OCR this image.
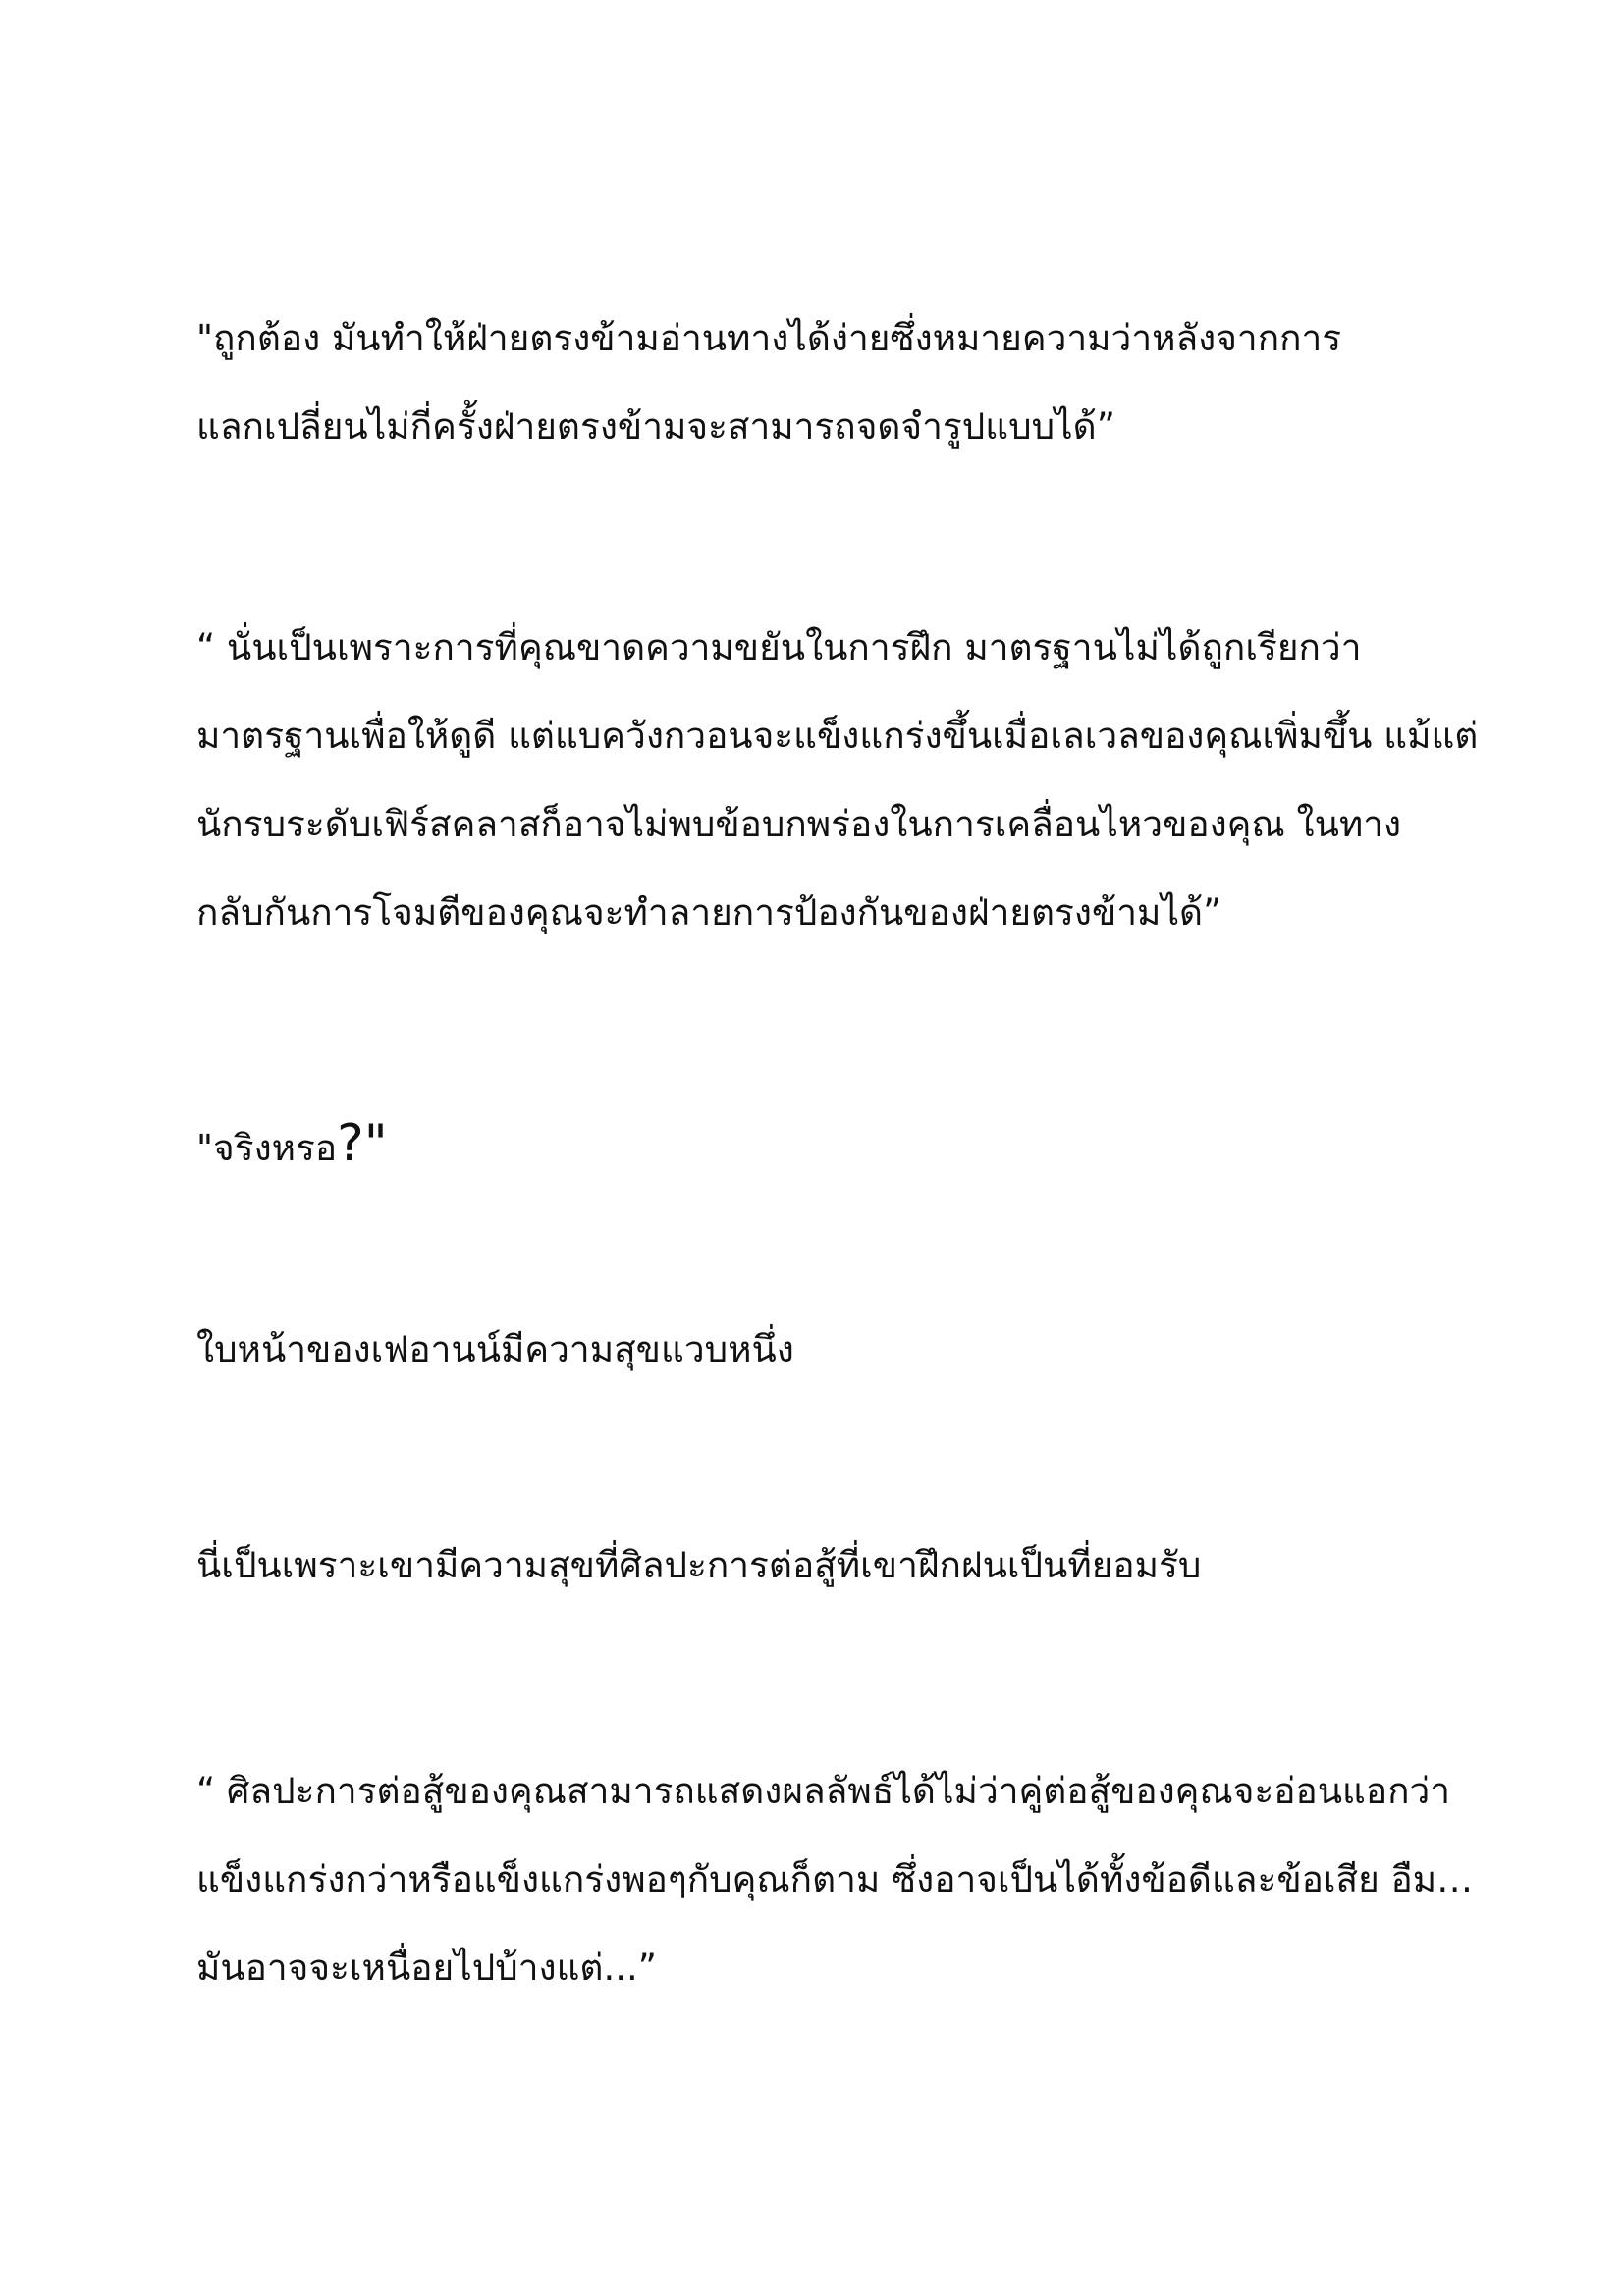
"ถูกต้อง มันทำให้ฝ่ายตรงข้ามอ่านทางได้ง่ายซึ่งหมายความว่าหลังจากการ
แลกเปลี่ยนไม่กี่ครั้งฝ่ายตรงข้ามจะสามารถจดจำรูปแบบได้”
“ นั่นเป็นเพราะการที่คุณขาดความขยันในการฝึก มาตรฐานไม่ได้ถูกเรียกว่า
มาตรฐานเพื่อให้ดูดี แต่แบควังกวอนจะแข็งแกร่งขึ้นเมื่อเลเวลของคุณเพิ่มขึ้น แม้แต่
นักรบระดับเฟิร์สคลาสก็อาจไม่พบข้อบกพร่องในการเคลื่อนไหวของคุณ ในทาง
กลับกันการโจมตีของคุณจะทำลายการป้องกันของฝ่ายตรงข้ามได้”
"จริงหรอ?"
ใบหน้าของเฟอานน์มีความสุขแวบหนึ่ง
นี่เป็นเพราะเขามีความสุขที่ศิลปะการต่อสู้ที่เขาฝึกฝนเป็นที่ยอมรับ
“ ศิลปะการต่อสู้ของคุณสามารถแสดงผลลัพธ์ได้ไม่ว่าคู่ต่อสู้ของคุณจะอ่อนแอกว่า
แข็งแกร่งกว่าหรือแข็งแกร่งพอๆกับคุณก็ตาม ซึ่งอาจเป็นได้ทั้งข้อดีและข้อเสีย อืม…
มันอาจจะเหนื่อยไปบ้างแต่...”
